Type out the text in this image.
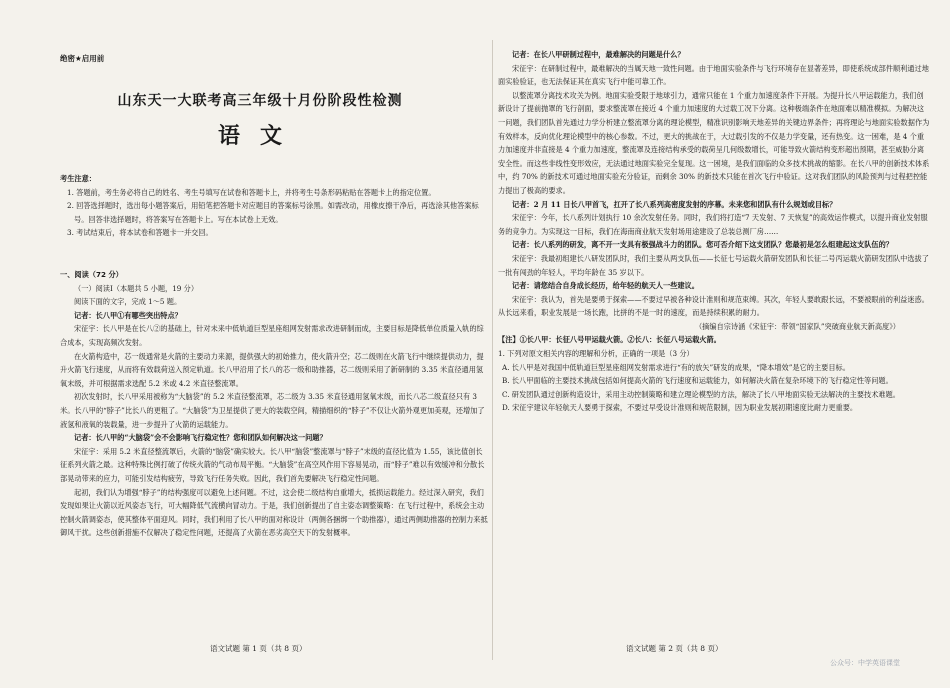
绝密★启用前
山东天一大联考高三年级十月份阶段性检测
语文

考生注意：

1. 答题前，考生务必将自己的姓名、考生号填写在试卷和答题卡上，并将考生号条形码粘贴在答题卡上的指定位置。

2. 回答选择题时，选出每小题答案后，用铅笔把答题卡对应题目的答案标号涂黑。如需改动，用橡皮擦干净后，再选涂其他答案标号。回答非选择题时，将答案写在答题卡上。写在本试卷上无效。

3. 考试结束后，将本试卷和答题卡一并交回。

一、阅读（72 分）

（一）阅读Ⅰ（本题共 5 小题，19 分）

阅读下面的文字，完成 1～5 题。

记者：长八甲①有哪些突出特点？

宋征宇：长八甲是在长八②的基础上，针对未来中低轨道巨型星座组网发射需求改进研制而成，主要目标是降低单位质量入轨的综合成本，实现高频次发射。

在火箭构造中，芯一级通常是火箭的主要动力来源，提供强大的初始推力，使火箭升空；芯二级则在火箭飞行中继续提供动力，提升火箭飞行速度，从而将有效载荷送入预定轨道。长八甲沿用了长八的芯一级和助推器，芯二级则采用了新研制的 3.35 米直径通用氢氧末级，并可根据需求选配 5.2 米或 4.2 米直径整流罩。

初次发射时，长八甲采用被称为“大脑袋”的 5.2 米直径整流罩，芯二级为 3.35 米直径通用氢氧末级，而长八芯二级直径只有 3 米。长八甲的“脖子”比长八的更粗了。“大脑袋”为卫星提供了更大的装载空间，精描细织的“脖子”不仅让火箭外观更加美观，还增加了液氢和液氧的装载量，进一步提升了火箭的运载能力。

记者：长八甲的“大脑袋”会不会影响飞行稳定性？您和团队如何解决这一问题？

宋征宇：采用 5.2 米直径整流罩后，火箭的“脑袋”确实较大。长八甲“脑袋”整流罩与“脖子”末级的直径比值为 1.55，该比值创长征系列火箭之最。这种特殊比例打破了传统火箭的气动布局平衡。“大脑袋”在高空风作用下容易晃动，而“脖子”难以有效缓冲和分散长部晃动带来的应力，可能引发结构疲劳，导致飞行任务失败。因此，我们首先要解决飞行稳定性问题。

起初，我们认为增强“脖子”的结构强度可以避免上述问题。不过，这会使二级结构自重增大，抵损运载能力。经过深入研究，我们发现如果让火箭以近风姿态飞行，可大幅降低气流横向冒动力。于是，我们创新提出了自主姿态调整策略：在飞行过程中，系统会主动控制火箭调姿态，使其整体平面迎风。同时，我们利用了长八甲的面对称设计（两侧各捆绑一个助推器），通过两侧助推器的控制力来抵御风干扰。这些创新措施不仅解决了稳定性问题，还提高了火箭在恶劣高空天下的发射概率。

语文试题 第 1 页（共 8 页）

记者：在长八甲研制过程中，最难解决的问题是什么？

宋征宇：在研制过程中，最难解决的当属天地一致性问题。由于地面实验条件与飞行环境存在显著差异，即使系统成部件顺利通过地面实验验证，也无法保证其在真实飞行中能可靠工作。

以整流罩分离技术攻关为例。地面实验受限于地球引力，通常只能在 1 个重力加速度条件下开展。为提升长八甲运载能力，我们创新设计了提前抛罩的飞行剖面，要求整流罩在接近 4 个重力加速度的大过载工况下分离。这种极端条件在地面难以精准模拟。为解决这一问题，我们团队首先通过力学分析建立整流罩分离的理论模型，精准识别影响天地差异的关键边界条件；再将理论与地面实验数据作为有效样本，反向优化理论模型中的核心参数。不过，更大的挑战在于，大过载引发的不仅是力学变量，还有热变。这一困难，是 4 个重力加速度并非直接是 4 个重力加速度，整流罩及连接结构承受的载荷呈几何级数增长，可能导致火箭结构变形超出预期，甚至威胁分离安全性。而这些非线性变形效应，无法通过地面实验完全复现。这一困境，是我们面临的众多技术挑战的缩影。在长八甲的创新技术体系中，约 70% 的新技术可通过地面实验充分验证，而剩余 30% 的新技术只能在首次飞行中验证。这对我们团队的风险预判与过程把控能力提出了极高的要求。

记者：2 月 11 日长八甲首飞，扛开了长八系列高密度发射的序幕。未来您和团队有什么规划或目标？

宋征宇：今年，长八系列计划执行 10 余次发射任务。同时，我们将打造“7 天发射、7 天恢复”的高效运作模式，以提升商业发射服务的竞争力。为实现这一目标，我们在海南商业航天发射场用途建设了总装总测厂房……

记者：长八系列的研发，离不开一支具有极强战斗力的团队。您可否介绍下这支团队？您最初是怎么组建起这支队伍的？

宋征宇：我最初组建长八研发团队时，我们主要从两支队伍——长征七号运载火箭研发团队和长征二号丙运载火箭研发团队中选拔了一批有闯劲的年轻人，平均年龄在 35 岁以下。

记者：请您结合自身成长经历，给年轻的航天人一些建议。

宋征宇：我认为，首先是要勇于探索——不要过早被各种设计准则和规范束缚。其次，年轻人要敢跟长远，不要被眼前的利益迷惑。从长远来看，职业发展是一场长跑，比拼的不是一时的速度，而是持续积累的耐力。

（摘编自宗诗涵《宋征宇：带领“国家队”突破商业航天新高度》）

【注】①长八甲：长征八号甲运载火箭。②长八：长征八号运载火箭。

1. 下列对原文相关内容的理解和分析，正确的一项是（3 分）

A. 长八甲是对我国中低轨道巨型星座组网发射需求进行“有的放矢”研发的成果，“降本增效”是它的主要目标。

B. 长八甲面临的主要技术挑战包括如何提高火箭的飞行速度和运载能力，如何解决火箭在复杂环境下的飞行稳定性等问题。

C. 研发团队通过创新构造设计，采用主动控制策略和建立理论模型的方法，解决了长八甲地面实验无法解决的主要技术难题。

D. 宋征宇建议年轻航天人要勇于探索，不要过早受设计准则和规范限制，因为职业发展初期速度比耐力更重要。

语文试题 第 2 页（共 8 页）
公众号：中学英语课堂
